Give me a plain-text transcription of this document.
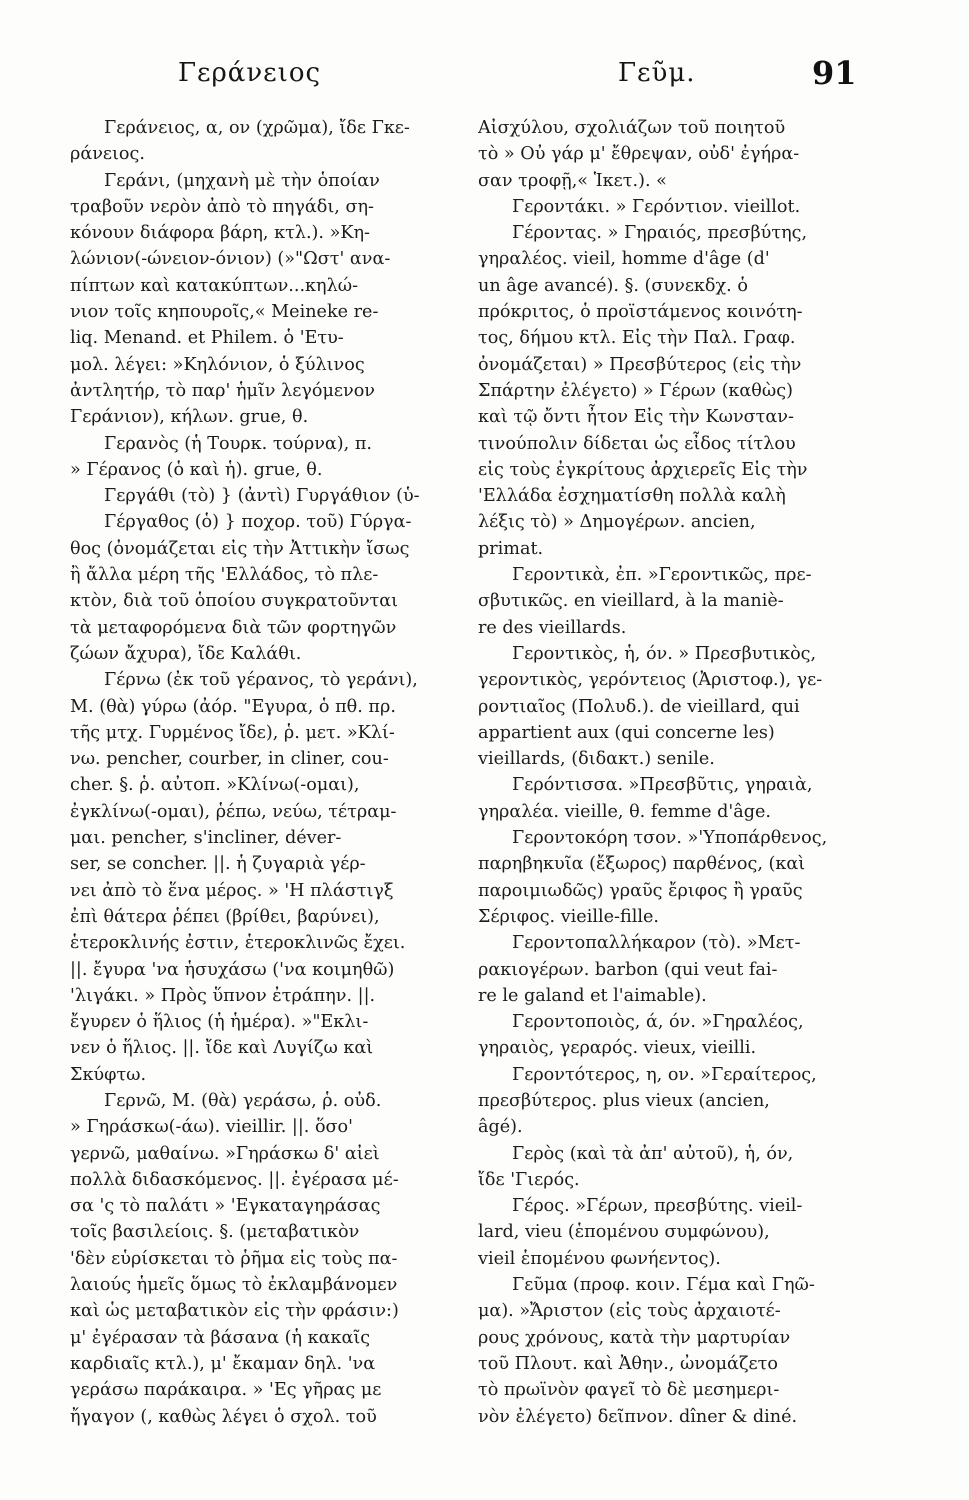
Γεράνειος	Γεῦμ.	91
Γεράνειος, α, ον (χρῶμα), ἴδε Γκε-
ράνειος.
Γεράνι, (μηχανὴ μὲ τὴν ὁποίαν
τραβοῦν νερὸν ἀπὸ τὸ πηγάδι, ση-
κόνουν διάφορα βάρη, κτλ.). »Κη-
λώνιον(-ώνειον-όνιον) (»"Ωστ' ανα-
πίπτων καὶ κατακύπτων...κηλώ-
νιον τοῖς κηπουροῖς,« Meineke re-
liq. Menand. et Philem. ὁ 'Ετυ-
μολ. λέγει: »Κηλόνιον, ὁ ξύλινος
ἀντλητήρ, τὸ παρ' ἡμῖν λεγόμενον
Γεράνιον), κήλων. grue, θ.
Γερανὸς (ἡ Τουρκ. τούρνα), π.
» Γέρανος (ὁ καὶ ἡ). grue, θ.
Γεργάθι (τὸ) } (ἀντὶ) Γυργάθιον (ὑ-
Γέργαθος (ὁ) } ποχορ. τοῦ) Γύργα-
θος (ὀνομάζεται εἰς τὴν Ἀττικὴν ἴσως
ἢ ἄλλα μέρη τῆς 'Ελλάδος, τὸ πλε-
κτὸν, διὰ τοῦ ὁποίου συγκρατοῦνται
τὰ μεταφορόμενα διὰ τῶν φορτηγῶν
ζώων ἄχυρα), ἴδε Καλάθι.
Γέρνω (ἐκ τοῦ γέρανος, τὸ γεράνι),
Μ. (θὰ) γύρω (ἀόρ. "Εγυρα, ὁ πθ. πρ.
τῆς μτχ. Γυρμένος ἴδε), ῥ. μετ. »Κλί-
νω. pencher, courber, in cliner, cou-
cher. §. ῥ. αὐτοπ. »Κλίνω(-ομαι),
ἐγκλίνω(-ομαι), ῥέπω, νεύω, τέτραμ-
μαι. pencher, s'incliner, déver-
ser, se concher. ||. ἡ ζυγαριὰ γέρ-
νει ἀπὸ τὸ ἕνα μέρος. » 'Η πλάστιγξ
ἐπὶ θάτερα ῥέπει (βρίθει, βαρύνει),
ἑτεροκλινής ἐστιν, ἑτεροκλινῶς ἔχει.
||. ἔγυρα 'να ἡσυχάσω ('να κοιμηθῶ)
'λιγάκι. » Πρὸς ὕπνον ἐτράπην. ||.
ἔγυρεν ὁ ἥλιος (ἡ ἡμέρα). »"Εκλι-
νεν ὁ ἥλιος. ||. ἴδε καὶ Λυγίζω καὶ
Σκύφτω.
Γερνῶ, Μ. (θὰ) γεράσω, ῥ. οὐδ.
» Γηράσκω(-άω). vieillir. ||. ὅσο'
γερνῶ, μαθαίνω. »Γηράσκω δ' αἰεὶ
πολλὰ διδασκόμενος. ||. ἐγέρασα μέ-
σα 'ς τὸ παλάτι » 'Εγκαταγηράσας
τοῖς βασιλείοις. §. (μεταβατικὸν
'δὲν εὑρίσκεται τὸ ῥῆμα εἰς τοὺς πα-
λαιούς ἡμεῖς ὅμως τὸ ἐκλαμβάνομεν
καὶ ὡς μεταβατικὸν εἰς τὴν φράσιν:)
μ' ἐγέρασαν τὰ βάσανα (ἡ κακαῖς
καρδιαῖς κτλ.), μ' ἔκαμαν δηλ. 'να
γεράσω παράκαιρα. » 'Ες γῆρας με
ἤγαγον (, καθὼς λέγει ὁ σχολ. τοῦ
Αἰσχύλου, σχολιάζων τοῦ ποιητοῦ
τὸ » Οὐ γάρ μ' ἔθρεψαν, οὐδ' ἐγήρα-
σαν τροφῇ,« Ἱκετ.). «
Γεροντάκι. » Γερόντιον. vieillot.
Γέροντας. » Γηραιός, πρεσβύτης,
γηραλέος. vieil, homme d'âge (d'
un âge avancé). §. (συνεκδχ. ὁ
πρόκριτος, ὁ προϊστάμενος κοινότη-
τος, δήμου κτλ. Εἰς τὴν Παλ. Γραφ.
ὀνομάζεται) » Πρεσβύτερος (εἰς τὴν
Σπάρτην ἐλέγετο) » Γέρων (καθὼς)
καὶ τῷ ὄντι ἦτον Εἰς τὴν Κωνσταν-
τινούπολιν δίδεται ὡς εἶδος τίτλου
εἰς τοὺς ἐγκρίτους ἀρχιερεῖς Εἰς τὴν
'Ελλάδα ἐσχηματίσθη πολλὰ καλὴ
λέξις τὸ) » Δημογέρων. ancien,
primat.
Γεροντικὰ, ἐπ. »Γεροντικῶς, πρε-
σβυτικῶς. en vieillard, à la maniè-
re des vieillards.
Γεροντικὸς, ἡ, όν. » Πρεσβυτικὸς,
γεροντικὸς, γερόντειος (Ἀριστοφ.), γε-
ροντιαῖος (Πολυδ.). de vieillard, qui
appartient aux (qui concerne les)
vieillards, (διδακτ.) senile.
Γερόντισσα. »Πρεσβῦτις, γηραιὰ,
γηραλέα. vieille, θ. femme d'âge.
Γεροντοκόρη τσον. »'Υποπάρθενος,
παρηβηκυῖα (ἔξωρος) παρθένος, (καὶ
παροιμιωδῶς) γραῦς ἔριφος ἢ γραῦς
Σέριφος. vieille-fille.
Γεροντοπαλλήκαρον (τὸ). »Μετ-
ρακιογέρων. barbon (qui veut fai-
re le galand et l'aimable).
Γεροντοποιὸς, ά, όν. »Γηραλέος,
γηραιὸς, γεραρός. vieux, vieilli.
Γεροντότερος, η, ον. »Γεραίτερος,
πρεσβύτερος. plus vieux (ancien,
âgé).
Γερὸς (καὶ τὰ ἀπ' αὐτοῦ), ἡ, όν,
ἴδε 'Γιερός.
Γέρος. »Γέρων, πρεσβύτης. vieil-
lard, vieu (ἑπομένου συμφώνου),
vieil ἑπομένου φωνήεντος).
Γεῦμα (προφ. κοιν. Γέμα καὶ Γηῶ-
μα). »Ἄριστον (εἰς τοὺς ἀρχαιοτέ-
ρους χρόνους, κατὰ τὴν μαρτυρίαν
τοῦ Πλουτ. καὶ Ἀθην., ὠνομάζετο
τὸ πρωϊνὸν φαγεῖ τὸ δὲ μεσημερι-
νὸν ἐλέγετο) δεῖπνον. dîner & diné.
